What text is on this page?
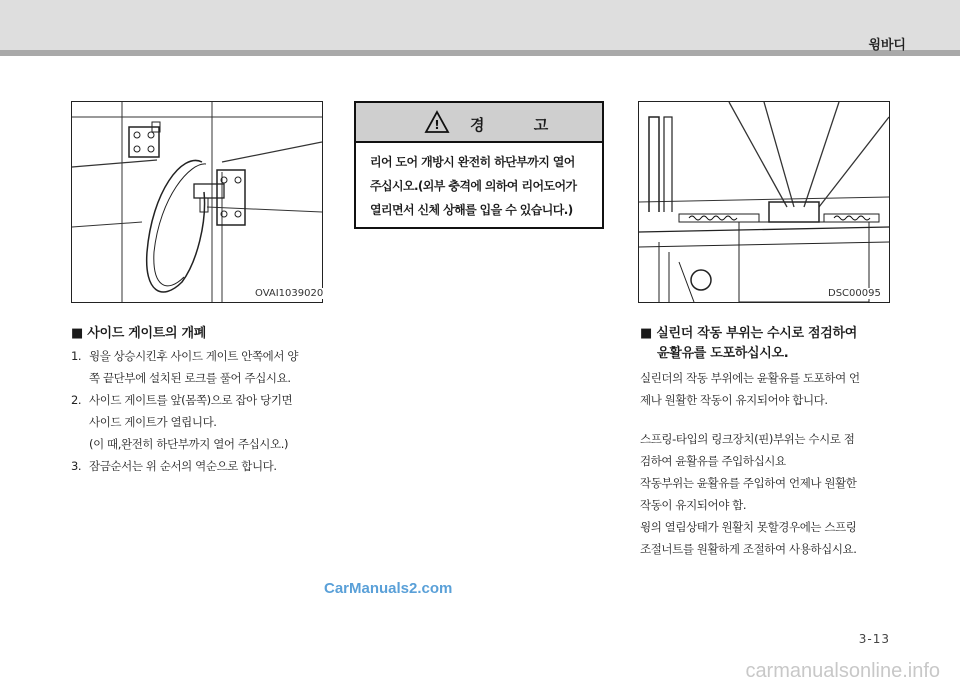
윙바디
OVAI1039020
! 경 고
리어 도어 개방시 완전히 하단부까지 열어
주십시오.(외부 충격에 의하여 리어도어가
열리면서 신체 상해를 입을 수 있습니다.)
DSC00095
■ 사이드 게이트의 개폐
1. 윙을 상승시킨후 사이드 게이트 안쪽에서 양
쪽 끝단부에 설치된 로크를 풀어 주십시요.
2. 사이드 게이트를 앞(몸쪽)으로 잡아 당기면
사이드 게이트가 열립니다.
(이 때,완전히 하단부까지 열어 주십시오.)
3. 잠금순서는 위 순서의 역순으로 합니다.
■ 실린더 작동 부위는 수시로 점검하여
윤활유를 도포하십시오.
실린더의 작동 부위에는 윤활유를 도포하여 언
제나 원활한 작동이 유지되어야 합니다.
스프링-타입의 링크장치(핀)부위는 수시로 점
검하여 윤활유를 주입하십시요
작동부위는 윤활유를 주입하여 언제나 원활한
작동이 유지되어야 함.
윙의 열림상태가 원활치 못할경우에는 스프링
조절너트를 원활하게 조절하여 사용하십시요.
CarManuals2.com
3-13
carmanualsonline.info
